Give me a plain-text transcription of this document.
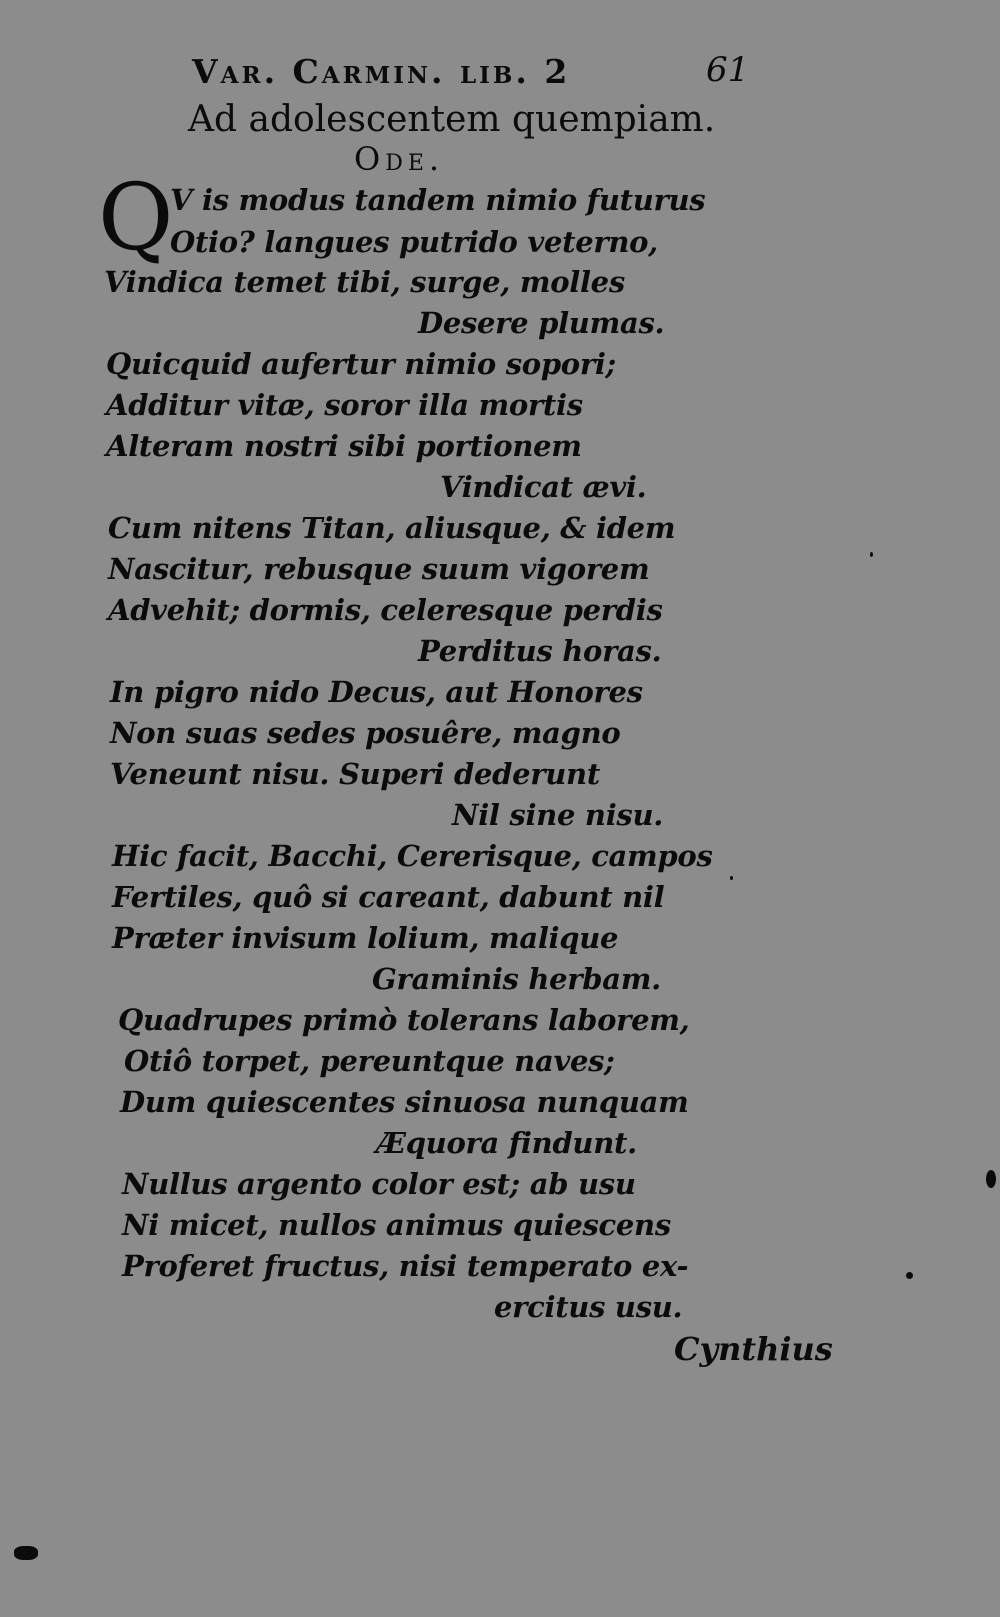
Var. Carmin. lib. 2	61
Ad adolescentem quempiam.
Ode.
Q
V is modus tandem nimio futurus
Otio? langues putrido veterno,
Vindica temet tibi, surge, molles
Desere plumas.
Quicquid aufertur nimio sopori;
Additur vitæ, soror illa mortis
Alteram nostri sibi portionem
Vindicat ævi.
Cum nitens Titan, aliusque, & idem
Nascitur, rebusque suum vigorem
Advehit; dormis, celeresque perdis
Perditus horas.
In pigro nido Decus, aut Honores
Non suas sedes posuêre, magno
Veneunt nisu. Superi dederunt
Nil sine nisu.
Hic facit, Bacchi, Cererisque, campos
Fertiles, quô si careant, dabunt nil
Præter invisum lolium, malique
Graminis herbam.
Quadrupes primò tolerans laborem,
Otiô torpet, pereuntque naves;
Dum quiescentes sinuosa nunquam
Æquora findunt.
Nullus argento color est; ab usu
Ni micet, nullos animus quiescens
Proferet fructus, nisi temperato ex-
ercitus usu.
Cynthius
